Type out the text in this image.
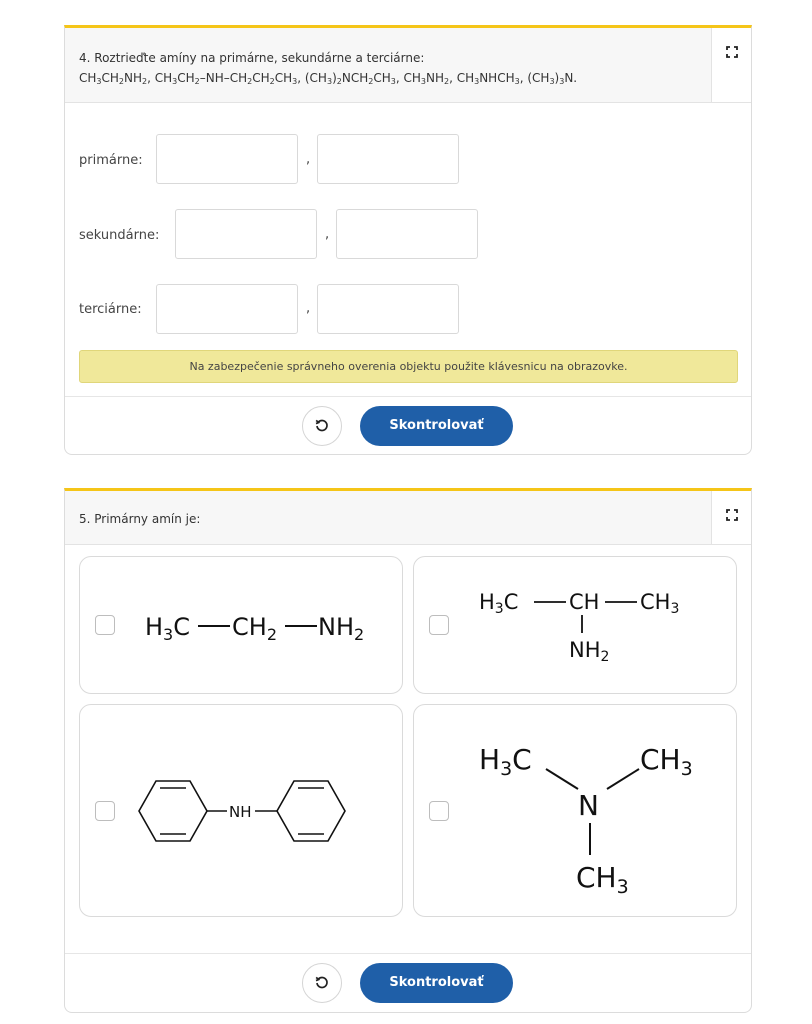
4. Roztrieďte amíny na primárne, sekundárne a terciárne:
$CH_3CH_2NH_2$, $CH_3CH_2-NH-CH_2CH_2CH_3$, $(CH_3)_2NCH_2CH_3$, $CH_3NH_2$, $CH_3NHCH_3$, $(CH_3)_3N$.
primárne:	,
sekundárne:	,
terciárne:	,
Na zabezpečenie správneho overenia objektu použite klávesnicu na obrazovke.
Skontrolovať
5. Primárny amín je:
$H_3C$ $CH_2$ $NH_2$
H3C CH CH3
NH2
NH
$H_3C$
N
$CH_3$
$CH_3$
Skontrolovať
